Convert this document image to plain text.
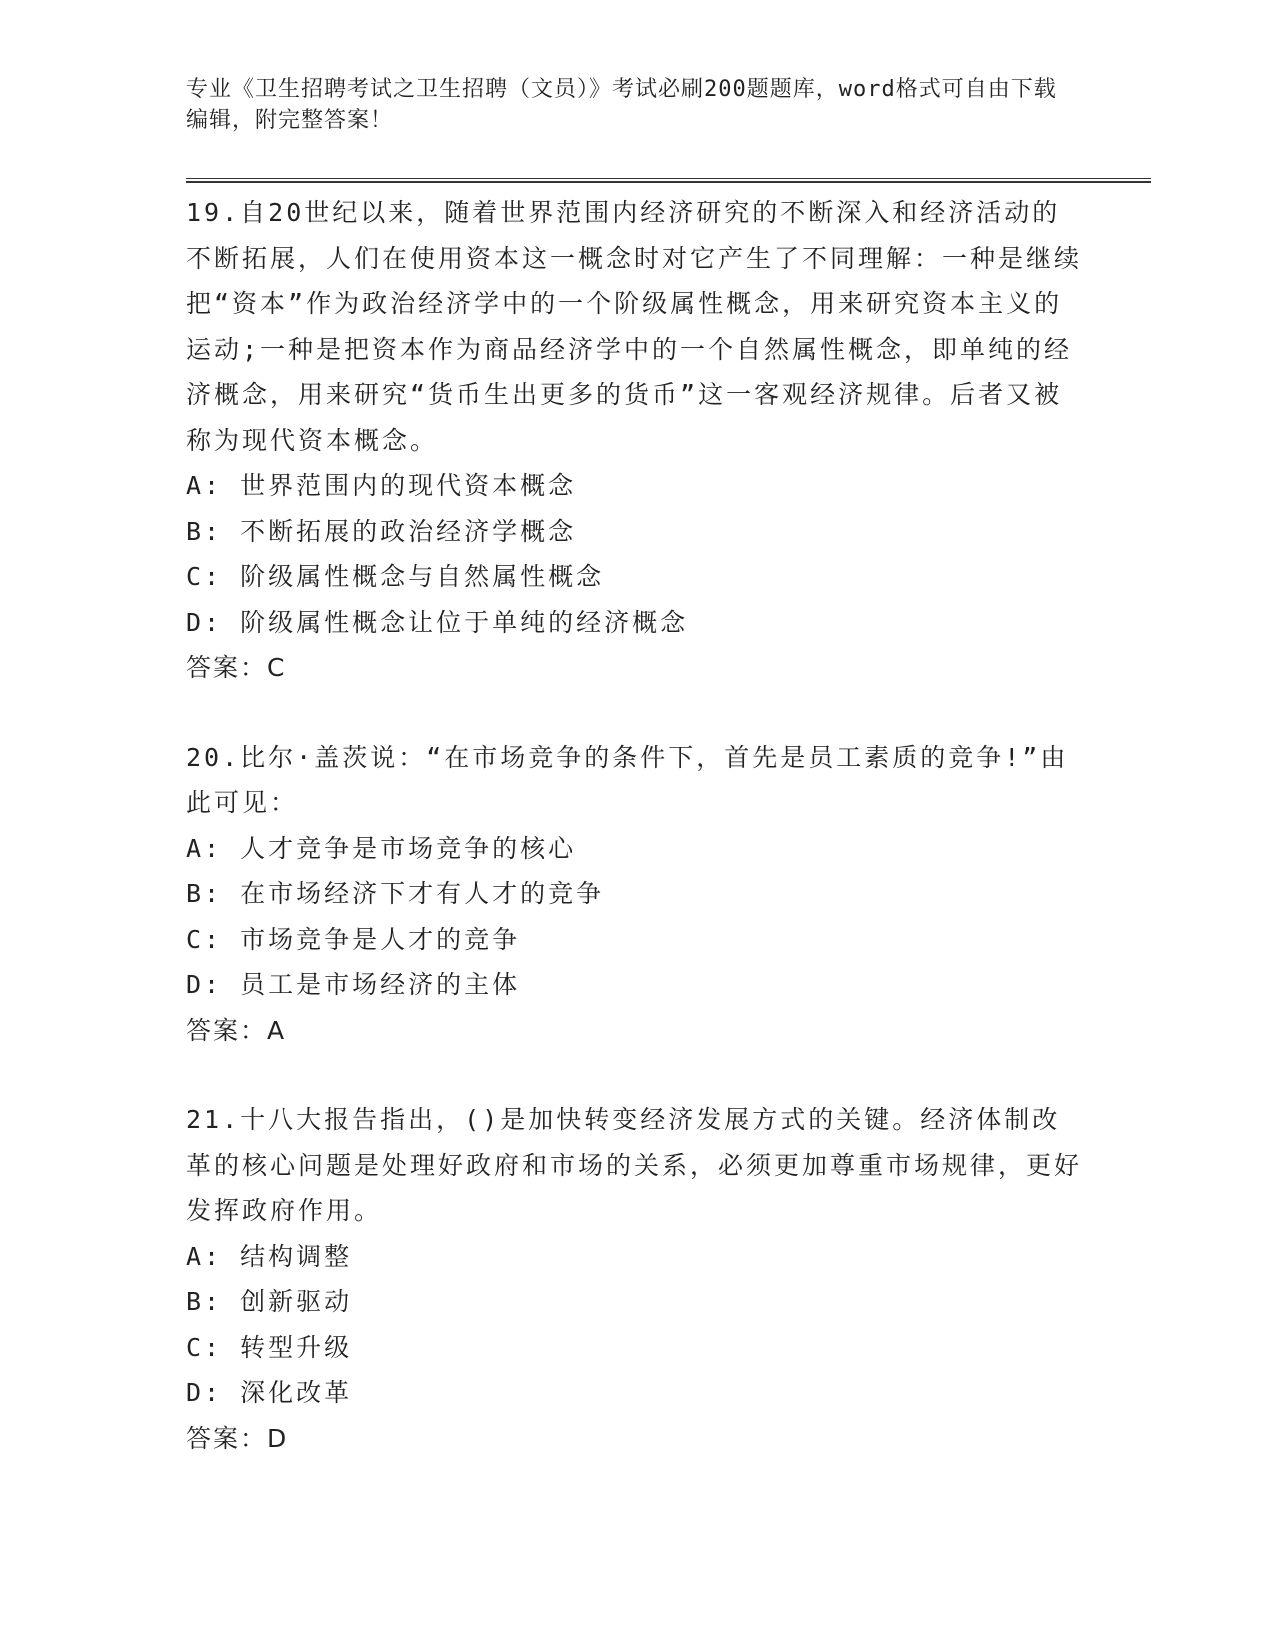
专业《卫生招聘考试之卫生招聘（文员）》考试必刷200题题库，word格式可自由下载编辑，附完整答案！

19.自20世纪以来，随着世界范围内经济研究的不断深入和经济活动的不断拓展，人们在使用资本这一概念时对它产生了不同理解：一种是继续把“资本”作为政治经济学中的一个阶级属性概念，用来研究资本主义的运动;一种是把资本作为商品经济学中的一个自然属性概念，即单纯的经济概念，用来研究“货币生出更多的货币”这一客观经济规律。后者又被称为现代资本概念。

A: 世界范围内的现代资本概念

B: 不断拓展的政治经济学概念

C: 阶级属性概念与自然属性概念

D: 阶级属性概念让位于单纯的经济概念

答案：C

20.比尔·盖茨说：“在市场竞争的条件下，首先是员工素质的竞争!”由此可见：

A: 人才竞争是市场竞争的核心

B: 在市场经济下才有人才的竞争

C: 市场竞争是人才的竞争

D: 员工是市场经济的主体

答案：A

21.十八大报告指出，()是加快转变经济发展方式的关键。经济体制改革的核心问题是处理好政府和市场的关系，必须更加尊重市场规律，更好发挥政府作用。

A: 结构调整

B: 创新驱动

C: 转型升级

D: 深化改革

答案：D
